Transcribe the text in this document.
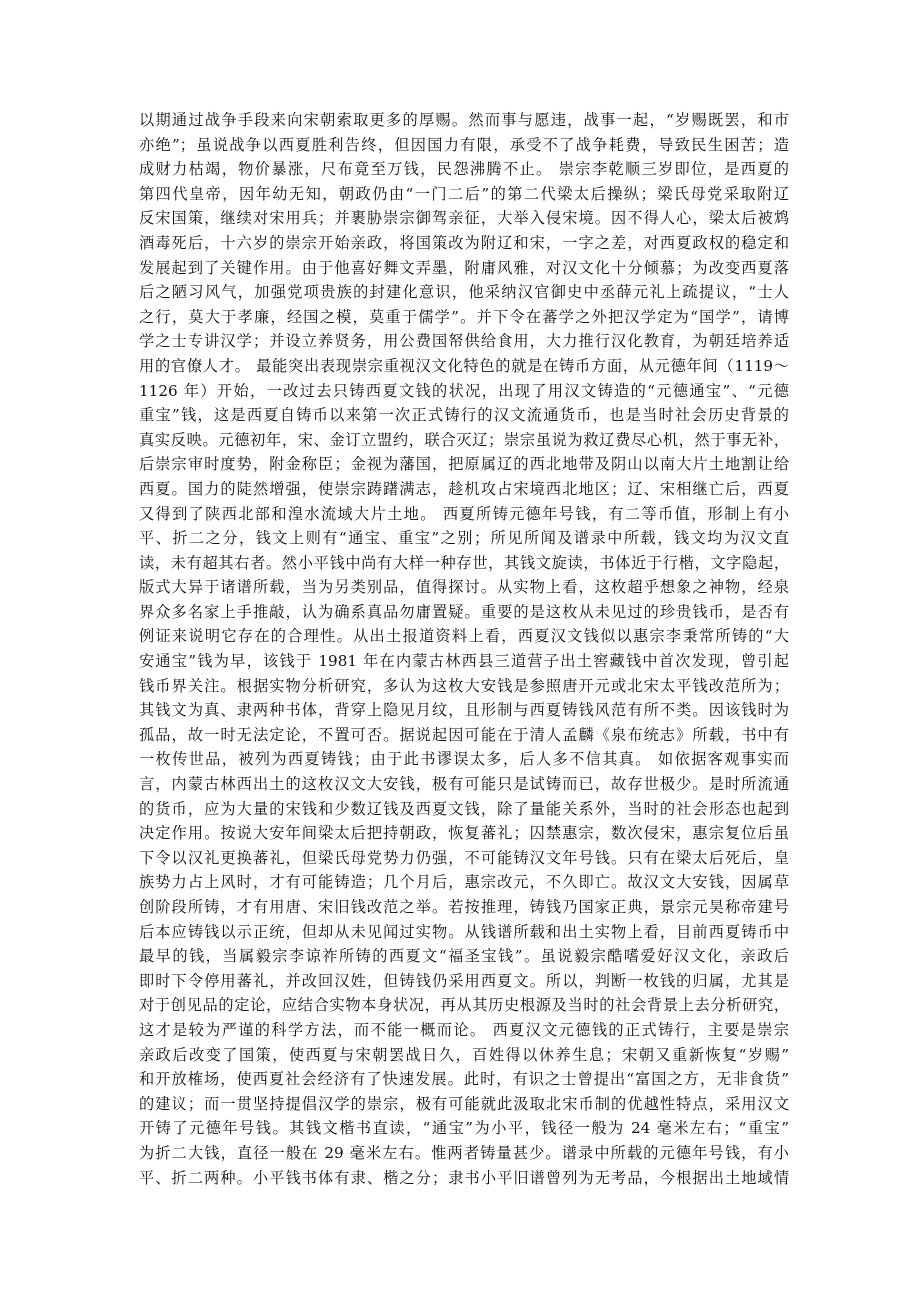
以期通过战争手段来向宋朝索取更多的厚赐。然而事与愿违，战事一起，“岁赐既罢，和市
亦绝”；虽说战争以西夏胜利告终，但因国力有限，承受不了战争耗费，导致民生困苦；造
成财力枯竭，物价暴涨，尺布竟至万钱，民怨沸腾不止。 崇宗李乾顺三岁即位，是西夏的
第四代皇帝，因年幼无知，朝政仍由“一门二后”的第二代梁太后操纵；梁氏母党采取附辽
反宋国策，继续对宋用兵；并裹胁崇宗御驾亲征，大举入侵宋境。因不得人心，梁太后被鸩
酒毒死后，十六岁的崇宗开始亲政，将国策改为附辽和宋，一字之差，对西夏政权的稳定和
发展起到了关键作用。由于他喜好舞文弄墨，附庸风雅，对汉文化十分倾慕；为改变西夏落
后之陋习风气，加强党项贵族的封建化意识，他采纳汉官御史中丞薛元礼上疏提议，“士人
之行，莫大于孝廉，经国之模，莫重于儒学”。并下令在蕃学之外把汉学定为“国学”，请博
学之士专讲汉学；并设立养贤务，用公费国帑供给食用，大力推行汉化教育，为朝廷培养适
用的官僚人才。 最能突出表现崇宗重视汉文化特色的就是在铸币方面，从元德年间（1119～
1126 年）开始，一改过去只铸西夏文钱的状况，出现了用汉文铸造的“元德通宝”、“元德
重宝”钱，这是西夏自铸币以来第一次正式铸行的汉文流通货币，也是当时社会历史背景的
真实反映。元德初年，宋、金订立盟约，联合灭辽；崇宗虽说为救辽费尽心机，然于事无补，
后崇宗审时度势，附金称臣；金视为藩国，把原属辽的西北地带及阴山以南大片土地割让给
西夏。国力的陡然增强，使崇宗踌躇满志，趁机攻占宋境西北地区；辽、宋相继亡后，西夏
又得到了陕西北部和湟水流域大片土地。 西夏所铸元德年号钱，有二等币值，形制上有小
平、折二之分，钱文上则有“通宝、重宝”之别；所见所闻及谱录中所载，钱文均为汉文直
读，未有超其右者。然小平钱中尚有大样一种存世，其钱文旋读，书体近于行楷，文字隐起，
版式大异于诸谱所载，当为另类别品，值得探讨。从实物上看，这枚超乎想象之神物，经泉
界众多名家上手推敲，认为确系真品勿庸置疑。重要的是这枚从未见过的珍贵钱币，是否有
例证来说明它存在的合理性。从出土报道资料上看，西夏汉文钱似以惠宗李秉常所铸的“大
安通宝”钱为早，该钱于 1981 年在内蒙古林西县三道营子出土窖藏钱中首次发现，曾引起
钱币界关注。根据实物分析研究，多认为这枚大安钱是参照唐开元或北宋太平钱改范所为；
其钱文为真、隶两种书体，背穿上隐见月纹，且形制与西夏铸钱风范有所不类。因该钱时为
孤品，故一时无法定论，不置可否。据说起因可能在于清人孟麟《泉布统志》所载，书中有
一枚传世品，被列为西夏铸钱；由于此书谬误太多，后人多不信其真。 如依据客观事实而
言，内蒙古林西出土的这枚汉文大安钱，极有可能只是试铸而已，故存世极少。是时所流通
的货币，应为大量的宋钱和少数辽钱及西夏文钱，除了量能关系外，当时的社会形态也起到
决定作用。按说大安年间梁太后把持朝政，恢复蕃礼；囚禁惠宗，数次侵宋，惠宗复位后虽
下令以汉礼更换蕃礼，但梁氏母党势力仍强，不可能铸汉文年号钱。只有在梁太后死后，皇
族势力占上风时，才有可能铸造；几个月后，惠宗改元，不久即亡。故汉文大安钱，因属草
创阶段所铸，才有用唐、宋旧钱改范之举。若按推理，铸钱乃国家正典，景宗元昊称帝建号
后本应铸钱以示正统，但却从未见闻过实物。从钱谱所载和出土实物上看，目前西夏铸币中
最早的钱，当属毅宗李谅祚所铸的西夏文“福圣宝钱”。虽说毅宗酷嗜爱好汉文化，亲政后
即时下令停用蕃礼，并改回汉姓，但铸钱仍采用西夏文。所以，判断一枚钱的归属，尤其是
对于创见品的定论，应结合实物本身状况，再从其历史根源及当时的社会背景上去分析研究，
这才是较为严谨的科学方法，而不能一概而论。 西夏汉文元德钱的正式铸行，主要是崇宗
亲政后改变了国策，使西夏与宋朝罢战日久，百姓得以休养生息；宋朝又重新恢复“岁赐”
和开放榷场，使西夏社会经济有了快速发展。此时，有识之士曾提出“富国之方，无非食货”
的建议；而一贯坚持提倡汉学的崇宗，极有可能就此汲取北宋币制的优越性特点，采用汉文
开铸了元德年号钱。其钱文楷书直读，“通宝”为小平，钱径一般为 24 毫米左右；“重宝”
为折二大钱，直径一般在 29 毫米左右。惟两者铸量甚少。谱录中所载的元德年号钱，有小
平、折二两种。小平钱书体有隶、楷之分；隶书小平旧谱曾列为无考品，今根据出土地域情
